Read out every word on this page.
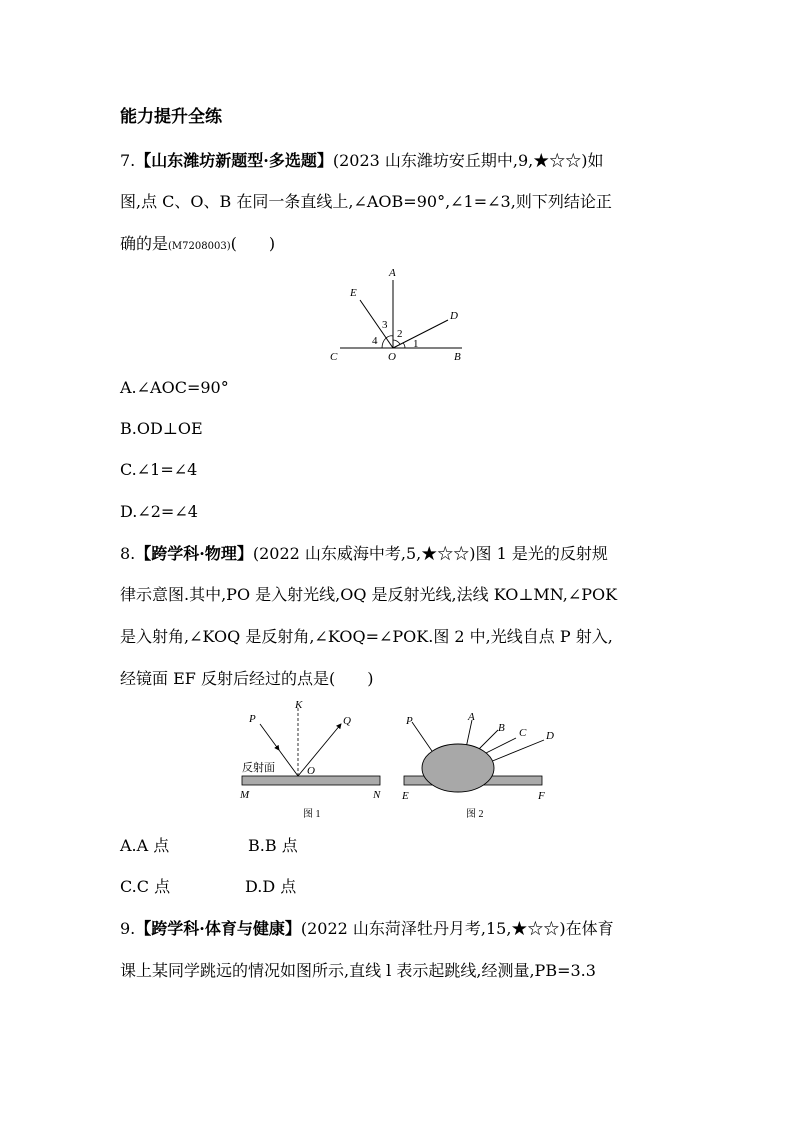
能力提升全练
7.【山东潍坊新题型·多选题】(2023 山东潍坊安丘期中,9,★☆☆)如
图,点 C、O、B 在同一条直线上,∠AOB=90°,∠1=∠3,则下列结论正
确的是(M7208003)(　　)
A
E
D
C	O	B
1
2
3
4
A.∠AOC=90°
B.OD⊥OE
C.∠1=∠4
D.∠2=∠4
8.【跨学科·物理】(2022 山东威海中考,5,★☆☆)图 1 是光的反射规
律示意图.其中,PO 是入射光线,OQ 是反射光线,法线 KO⊥MN,∠POK
是入射角,∠KOQ 是反射角,∠KOQ=∠POK.图 2 中,光线自点 P 射入,
经镜面 EF 反射后经过的点是(　　)
P
K
Q
O
反射面
M	N
图 1
P	A
B C D
E	F
图 2
A.A 点	B.B 点
C.C 点	D.D 点
9.【跨学科·体育与健康】(2022 山东菏泽牡丹月考,15,★☆☆)在体育
课上某同学跳远的情况如图所示,直线 l 表示起跳线,经测量,PB=3.3
